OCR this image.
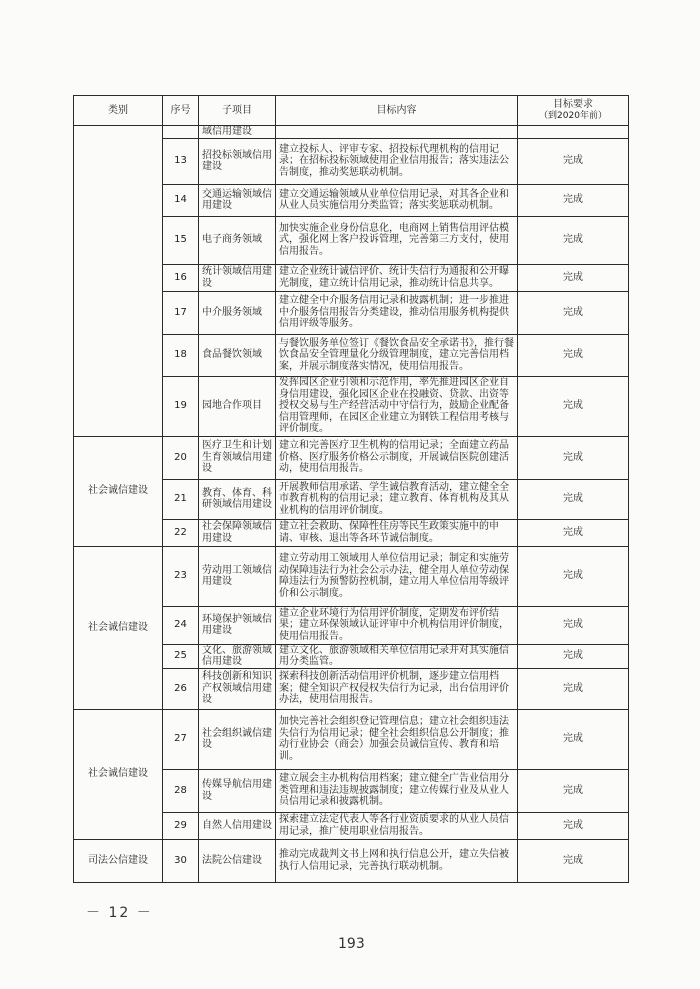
类别	序号	子项目	目标内容	目标要求
（到2020年前）

		域信用建设		
	13	招投标领域信用建设	建立投标人、评审专家、招投标代理机构的信用记录；在招标投标领域使用企业信用报告；落实违法公告制度，推动奖惩联动机制。	完成
	14	交通运输领域信用建设	建立交通运输领域从业单位信用记录，对其各企业和从业人员实施信用分类监管；落实奖惩联动机制。	完成
	15	电子商务领域	加快实施企业身份信息化，电商网上销售信用评估模式，强化网上客户投诉管理，完善第三方支付，使用信用报告。	完成
	16	统计领域信用建设	建立企业统计诚信评价、统计失信行为通报和公开曝光制度，建立统计信用记录，推动统计信息共享。	完成
	17	中介服务领域	建立健全中介服务信用记录和披露机制；进一步推进中介服务信用报告分类建设，推动信用服务机构提供信用评级等服务。	完成
	18	食品餐饮领域	与餐饮服务单位签订《餐饮食品安全承诺书》，推行餐饮食品安全管理量化分级管理制度，建立完善信用档案，并展示制度落实情况，使用信用报告。	完成
	19	园地合作项目	发挥园区企业引领和示范作用，率先推进园区企业自身信用建设，强化园区企业在投融资、贷款、出资等授权交易与生产经营活动中守信行为，鼓励企业配备信用管理师，在园区企业建立为钢铁工程信用考核与评价制度。	完成
社会诚信建设	20	医疗卫生和计划生育领域信用建设	建立和完善医疗卫生机构的信用记录；全面建立药品价格、医疗服务价格公示制度，开展诚信医院创建活动，使用信用报告。	完成
	21	教育、体育、科研领域信用建设	开展教师信用承诺、学生诚信教育活动，建立健全全市教育机构的信用记录；建立教育、体育机构及其从业机构的信用评价制度。	完成
	22	社会保障领域信用建设	建立社会救助、保障性住房等民生政策实施中的申请、审核、退出等各环节诚信制度。	完成
社会诚信建设	23	劳动用工领域信用建设	建立劳动用工领域用人单位信用记录；制定和实施劳动保障违法行为社会公示办法，健全用人单位劳动保障违法行为预警防控机制，建立用人单位信用等级评价和公示制度。	完成
	24	环境保护领域信用建设	建立企业环境行为信用评价制度，定期发布评价结果；建立环保领域认证评审中介机构信用评价制度，使用信用报告。	完成
	25	文化、旅游领域信用建设	建立文化、旅游领域相关单位信用记录并对其实施信用分类监管。	完成
	26	科技创新和知识产权领域信用建设	探索科技创新活动信用评价机制，逐步建立信用档案；健全知识产权侵权失信行为记录，出台信用评价办法，使用信用报告。	完成
社会诚信建设	27	社会组织诚信建设	加快完善社会组织登记管理信息；建立社会组织违法失信行为信用记录；健全社会组织信息公开制度；推动行业协会（商会）加强会员诚信宣传、教育和培训。	完成
	28	传媒导航信用建设	建立展会主办机构信用档案；建立健全广告业信用分类管理和违法违规披露制度；建立传媒行业及从业人员信用记录和披露机制。	完成
	29	自然人信用建设	探索建立法定代表人等各行业资质要求的从业人员信用记录，推广使用职业信用报告。	完成
司法公信建设	30	法院公信建设	推动完成裁判文书上网和执行信息公开，建立失信被执行人信用记录，完善执行联动机制。	完成
－ 12 －
193
